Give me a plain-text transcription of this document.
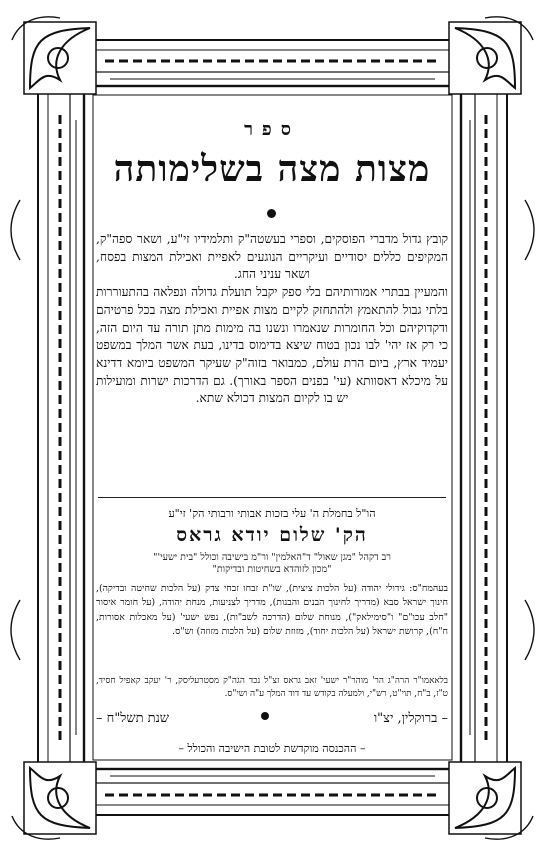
ספר
מצות מצה בשלימותה

קובץ גדול מדברי הפוסקים, וספרי בעשטה"ק ותלמידיו זי"ע, ושאר ספה"ק, המקיפים כללים יסודיים ועיקריים הנוגעים לאפיית ואכילת המצות בפסח, ושאר עניני החג.

והמעיין בבתרי אמורותיהם בלי ספק יקבל תועלת גדולה ונפלאה בהתעוררות בלתי גבול להתאמץ ולהתחזק לקיים מצות אפיית ואכילת מצה בכל פרטיהם ודקדוקיהם וכל החומרות שנאמרו ונשנו בה מימות מתן תורה עד היום הזה, כי רק אז יהי' לבו נכון בטוח שיצא בדימוס בדינו, בעת אשר המלך במשפט יעמיד ארץ, ביום הרת עולם, כמבואר בזוה"ק שעיקר המשפט ביומא דדינא על מיכלא דאסוותא (עי' בפנים הספר באורך). גם הדרכות ישרות ומועילות יש בו לקיום המצות דכולא שתא.

הו"ל בחמלת ה' עלי בזכות אבותי ורבותי הק' זי"ע
הק' שלום יודא גראס
רב דקהל "מגן שאול" ד"האלמין" ור"מ בישיבה וכולל "בית ישעי'"
"מכון לזוהדא בשחיטות ובדיקות"

בעהמח"ס: גידולי יהודה (על הלכות ציצית), שו"ת זבחו זבחי צדק (על הלכות שחיטה ובדיקה), חינוך ישראל סבא (מדריך לחינוך הבנים והבנות), מדריך לצניעות, מנחת יהודה, (על חומר איסור "חלב עכו"ם" ו"סימילאק"), מנוחת שלום (הדרכה לשב"ות), נפש ישעי' (על מאכלות אסורות, ח"ח), קרושת ישראל (על הלכות יחוד), מזוזת שלום (על הלכות מזוזה) וש"ס.

בלאאמו"ר הרה"ג הר' מוהר"ר ישעי' זאב גראס זצ"ל נכד הגה"ק מסטרעליסק, ר' יעקב קאפיל חסיד, ט"ז, ב"ח, תוי"ט, רש"י, ולמעלה בקודש עד דוד המלך ע"ה ושי"ס.
– ברוקלין, יצ"ו
שנת תשל"ח –
– ההכנסה מוקדשת לטובת הישיבה והכולל –
